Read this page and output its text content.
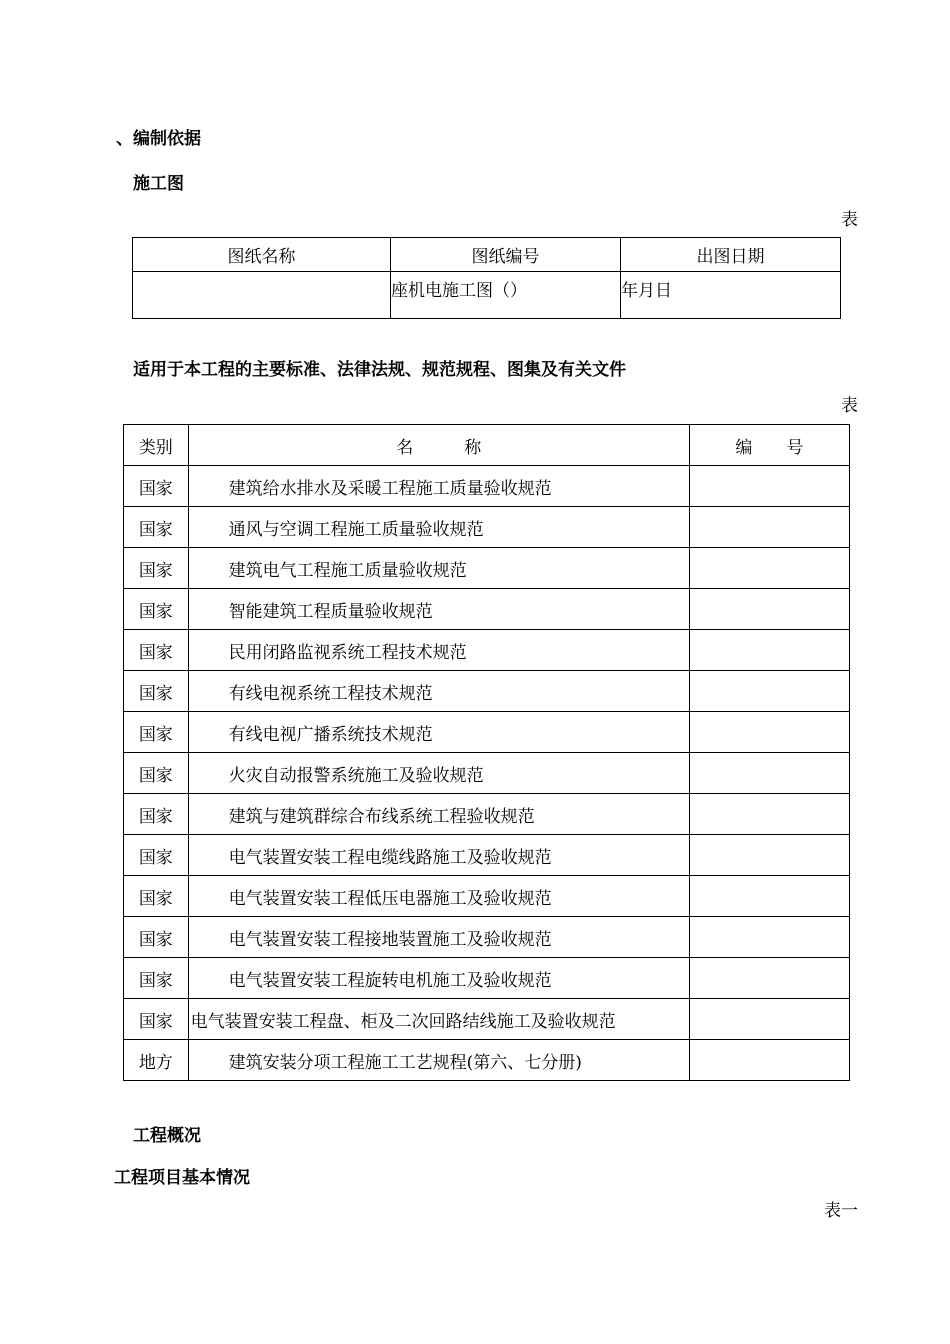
、编制依据
施工图
表
图纸名称	图纸编号	出图日期
	座机电施工图（）	年月日
适用于本工程的主要标准、法律法规、规范规程、图集及有关文件
表
类别	名　　　称	编　　号
国家	建筑给水排水及采暖工程施工质量验收规范	
国家	通风与空调工程施工质量验收规范	
国家	建筑电气工程施工质量验收规范	
国家	智能建筑工程质量验收规范	
国家	民用闭路监视系统工程技术规范	
国家	有线电视系统工程技术规范	
国家	有线电视广播系统技术规范	
国家	火灾自动报警系统施工及验收规范	
国家	建筑与建筑群综合布线系统工程验收规范	
国家	电气装置安装工程电缆线路施工及验收规范	
国家	电气装置安装工程低压电器施工及验收规范	
国家	电气装置安装工程接地装置施工及验收规范	
国家	电气装置安装工程旋转电机施工及验收规范	
国家	电气装置安装工程盘、柜及二次回路结线施工及验收规范	
地方	建筑安装分项工程施工工艺规程(第六、七分册)	
工程概况
工程项目基本情况
表一
